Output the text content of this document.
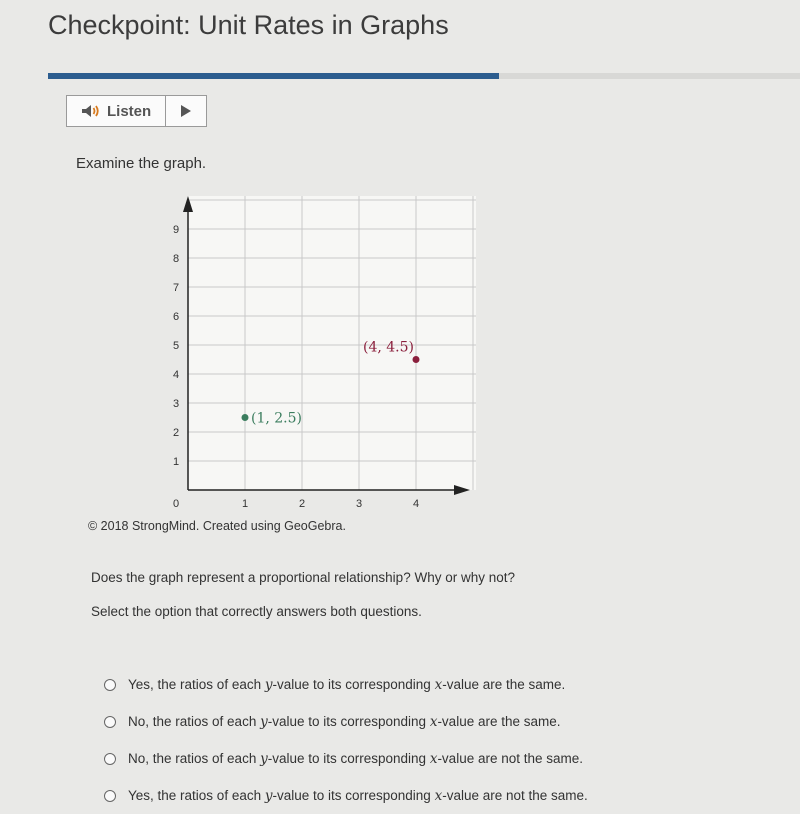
Checkpoint: Unit Rates in Graphs
Listen
Examine the graph.
0	1	2	3	4
1
2
3
4
5
6
7
8
9
(1, 2.5)
(4, 4.5)
© 2018 StrongMind. Created using GeoGebra.
Does the graph represent a proportional relationship? Why or why not?
Select the option that correctly answers both questions.
Yes, the ratios of each y-value to its corresponding x-value are the same.
No, the ratios of each y-value to its corresponding x-value are the same.
No, the ratios of each y-value to its corresponding x-value are not the same.
Yes, the ratios of each y-value to its corresponding x-value are not the same.
